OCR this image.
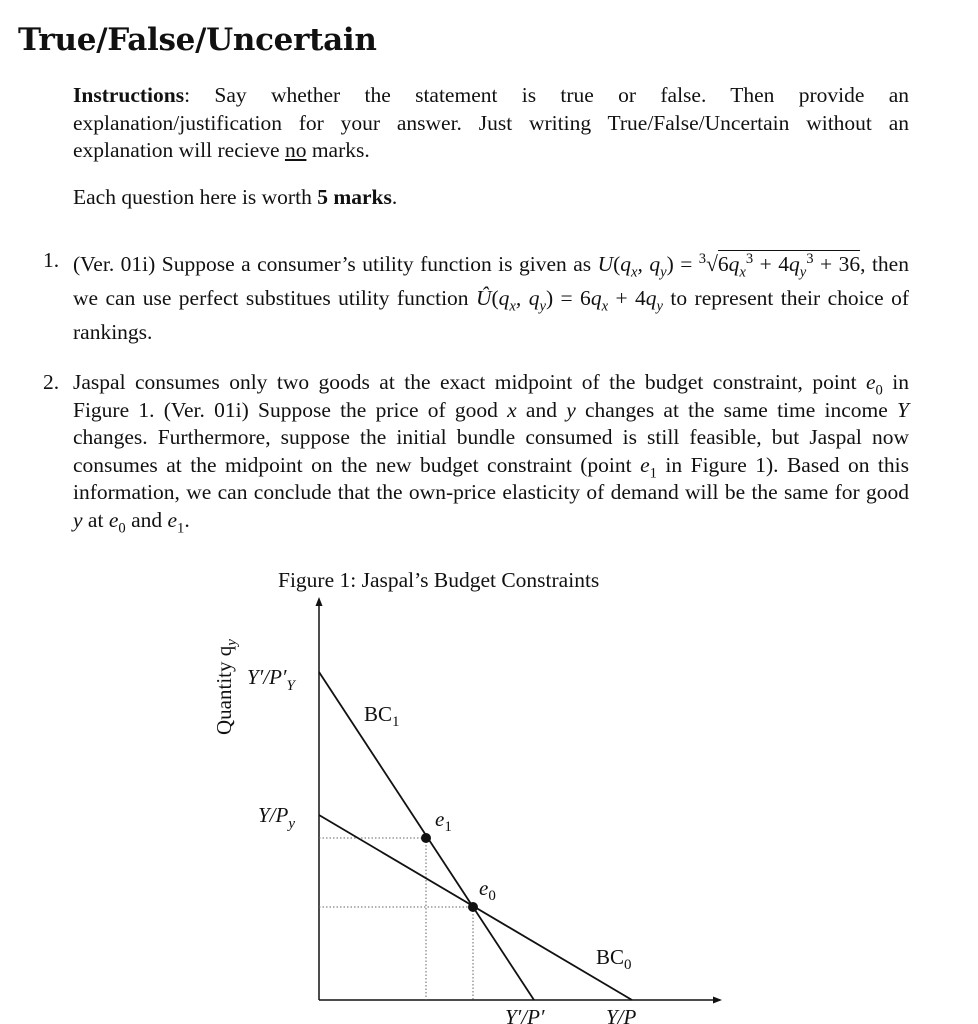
True/False/Uncertain
Instructions: Say whether the statement is true or false. Then provide an explanation/justification for your answer. Just writing True/False/Uncertain without an explanation will recieve no marks.
Each question here is worth 5 marks.
1. (Ver. 01i) Suppose a consumer’s utility function is given as $U(q_x$, $q_y) = ^3√6q_x^3 + 4q_y^3 + 36$, then we can use perfect substitues utility function $Û(q_x$, $q_y) = 6q_x + 4q_y$ to represent their choice of rankings.
2. Jaspal consumes only two goods at the exact midpoint of the budget constraint, point $e_0$ in Figure 1. (Ver. 01i) Suppose the price of good x and y changes at the same time income Y changes. Furthermore, suppose the initial bundle consumed is still feasible, but Jaspal now consumes at the midpoint on the new budget constraint (point $e_1$ in Figure 1). Based on this information, we can conclude that the own-price elasticity of demand will be the same for good y at $e_0$ and $e_1$.
Figure 1: Jaspal’s Budget Constraints
Quantity $q_y$
$Y'/P'_Y$
$Y/P_y$
Y′/P′	Y/P
$BC_1$
$BC_0$
$e_1$
$e_0$
